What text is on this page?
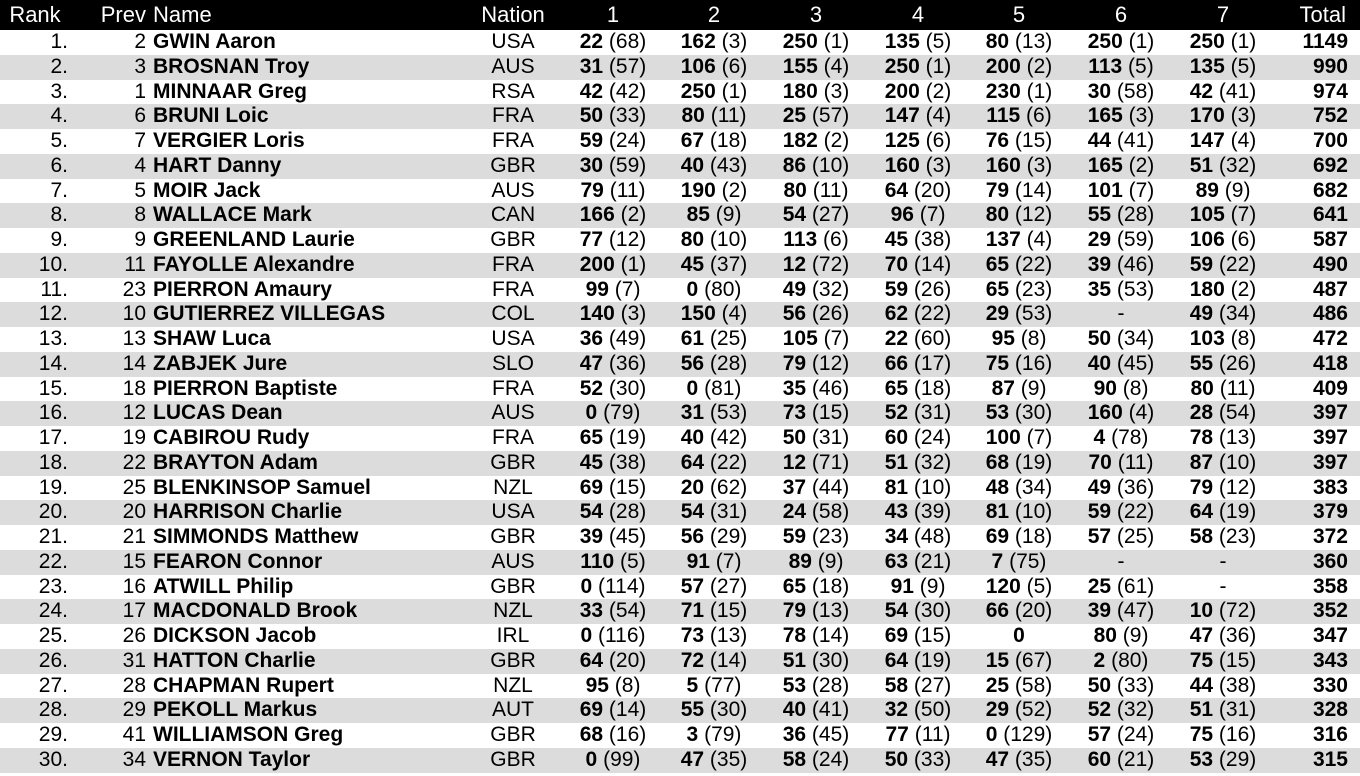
Rank	Prev Name	Nation	1	2	3	4	5	6	7	Total
1.	2 GWIN Aaron	USA	22 (68)	162 (3)	250 (1)	135 (5)	80 (13)	250 (1)	250 (1)	1149
2.	3 BROSNAN Troy	AUS	31 (57)	106 (6)	155 (4)	250 (1)	200 (2)	113 (5)	135 (5)	990
3.	1 MINNAAR Greg	RSA	42 (42)	250 (1)	180 (3)	200 (2)	230 (1)	30 (58)	42 (41)	974
4.	6 BRUNI Loic	FRA	50 (33)	80 (11)	25 (57)	147 (4)	115 (6)	165 (3)	170 (3)	752
5.	7 VERGIER Loris	FRA	59 (24)	67 (18)	182 (2)	125 (6)	76 (15)	44 (41)	147 (4)	700
6.	4 HART Danny	GBR	30 (59)	40 (43)	86 (10)	160 (3)	160 (3)	165 (2)	51 (32)	692
7.	5 MOIR Jack	AUS	79 (11)	190 (2)	80 (11)	64 (20)	79 (14)	101 (7)	89 (9)	682
8.	8 WALLACE Mark	CAN	166 (2)	85 (9)	54 (27)	96 (7)	80 (12)	55 (28)	105 (7)	641
9.	9 GREENLAND Laurie	GBR	77 (12)	80 (10)	113 (6)	45 (38)	137 (4)	29 (59)	106 (6)	587
10.	11 FAYOLLE Alexandre	FRA	200 (1)	45 (37)	12 (72)	70 (14)	65 (22)	39 (46)	59 (22)	490
11.	23 PIERRON Amaury	FRA	99 (7)	0 (80)	49 (32)	59 (26)	65 (23)	35 (53)	180 (2)	487
12.	10 GUTIERREZ VILLEGAS	COL	140 (3)	150 (4)	56 (26)	62 (22)	29 (53)	-	49 (34)	486
13.	13 SHAW Luca	USA	36 (49)	61 (25)	105 (7)	22 (60)	95 (8)	50 (34)	103 (8)	472
14.	14 ZABJEK Jure	SLO	47 (36)	56 (28)	79 (12)	66 (17)	75 (16)	40 (45)	55 (26)	418
15.	18 PIERRON Baptiste	FRA	52 (30)	0 (81)	35 (46)	65 (18)	87 (9)	90 (8)	80 (11)	409
16.	12 LUCAS Dean	AUS	0 (79)	31 (53)	73 (15)	52 (31)	53 (30)	160 (4)	28 (54)	397
17.	19 CABIROU Rudy	FRA	65 (19)	40 (42)	50 (31)	60 (24)	100 (7)	4 (78)	78 (13)	397
18.	22 BRAYTON Adam	GBR	45 (38)	64 (22)	12 (71)	51 (32)	68 (19)	70 (11)	87 (10)	397
19.	25 BLENKINSOP Samuel	NZL	69 (15)	20 (62)	37 (44)	81 (10)	48 (34)	49 (36)	79 (12)	383
20.	20 HARRISON Charlie	USA	54 (28)	54 (31)	24 (58)	43 (39)	81 (10)	59 (22)	64 (19)	379
21.	21 SIMMONDS Matthew	GBR	39 (45)	56 (29)	59 (23)	34 (48)	69 (18)	57 (25)	58 (23)	372
22.	15 FEARON Connor	AUS	110 (5)	91 (7)	89 (9)	63 (21)	7 (75)	-	-	360
23.	16 ATWILL Philip	GBR	0 (114)	57 (27)	65 (18)	91 (9)	120 (5)	25 (61)	-	358
24.	17 MACDONALD Brook	NZL	33 (54)	71 (15)	79 (13)	54 (30)	66 (20)	39 (47)	10 (72)	352
25.	26 DICKSON Jacob	IRL	0 (116)	73 (13)	78 (14)	69 (15)	0	80 (9)	47 (36)	347
26.	31 HATTON Charlie	GBR	64 (20)	72 (14)	51 (30)	64 (19)	15 (67)	2 (80)	75 (15)	343
27.	28 CHAPMAN Rupert	NZL	95 (8)	5 (77)	53 (28)	58 (27)	25 (58)	50 (33)	44 (38)	330
28.	29 PEKOLL Markus	AUT	69 (14)	55 (30)	40 (41)	32 (50)	29 (52)	52 (32)	51 (31)	328
29.	41 WILLIAMSON Greg	GBR	68 (16)	3 (79)	36 (45)	77 (11)	0 (129)	57 (24)	75 (16)	316
30.	34 VERNON Taylor	GBR	0 (99)	47 (35)	58 (24)	50 (33)	47 (35)	60 (21)	53 (29)	315
